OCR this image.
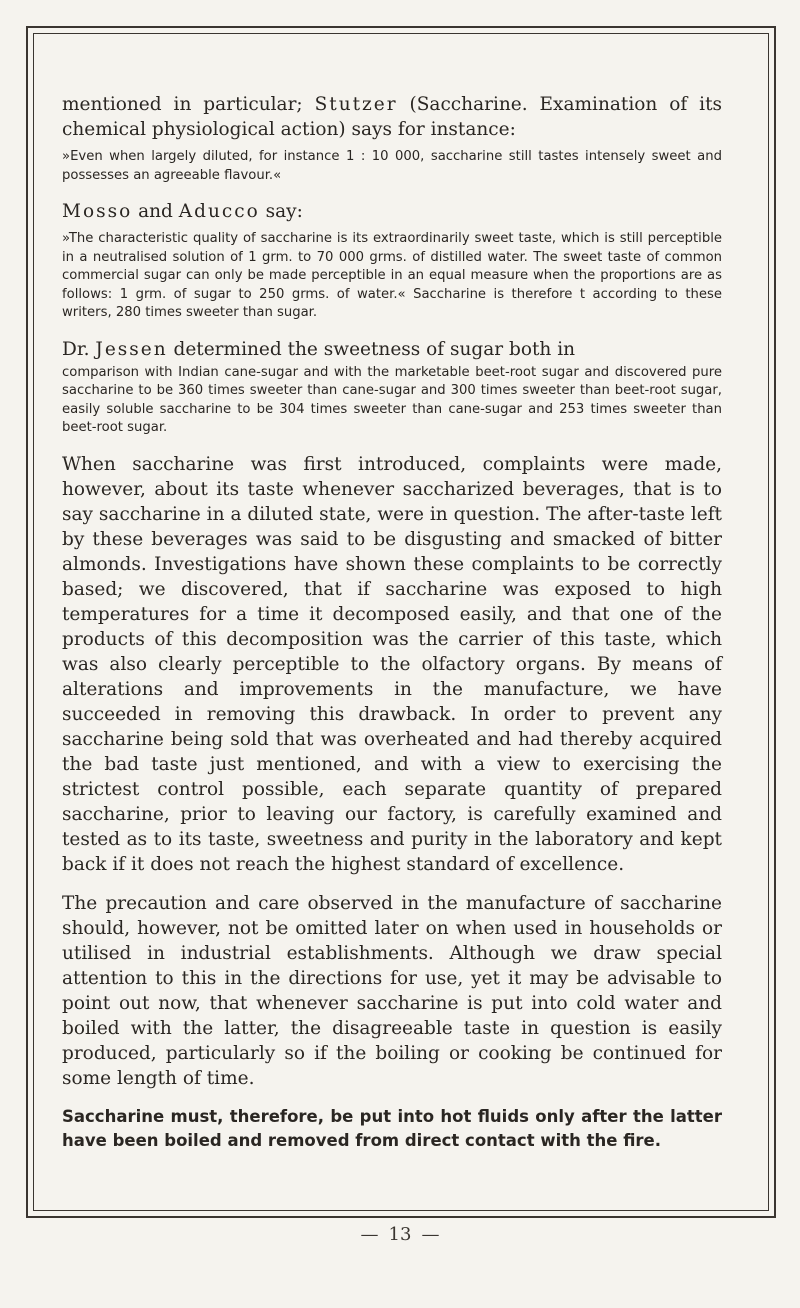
mentioned in particular; Stutzer (Saccharine. Examination of its chemical physiological action) says for instance:

»Even when largely diluted, for instance 1 : 10 000, saccharine still tastes intensely sweet and possesses an agreeable flavour.«

Mosso and Aducco say:

»The characteristic quality of saccharine is its extraordinarily sweet taste, which is still perceptible in a neutralised solution of 1 grm. to 70 000 grms. of distilled water. The sweet taste of common commercial sugar can only be made perceptible in an equal measure when the proportions are as follows: 1 grm. of sugar to 250 grms. of water.« Saccharine is therefore t according to these writers, 280 times sweeter than sugar.

Dr. Jessen determined the sweetness of sugar both in

comparison with Indian cane-sugar and with the marketable beet-root sugar and discovered pure saccharine to be 360 times sweeter than cane-sugar and 300 times sweeter than beet-root sugar, easily soluble saccharine to be 304 times sweeter than cane-sugar and 253 times sweeter than beet-root sugar.

When saccharine was first introduced, complaints were made, however, about its taste whenever saccharized beverages, that is to say saccharine in a diluted state, were in question. The after-taste left by these beverages was said to be disgusting and smacked of bitter almonds. Investigations have shown these complaints to be correctly based; we discovered, that if saccharine was exposed to high temperatures for a time it decomposed easily, and that one of the products of this decomposition was the carrier of this taste, which was also clearly perceptible to the olfactory organs. By means of alterations and improvements in the manufacture, we have succeeded in removing this drawback. In order to prevent any saccharine being sold that was overheated and had thereby acquired the bad taste just mentioned, and with a view to exercising the strictest control possible, each separate quantity of prepared saccharine, prior to leaving our factory, is carefully examined and tested as to its taste, sweetness and purity in the laboratory and kept back if it does not reach the highest standard of excellence.

The precaution and care observed in the manufacture of saccharine should, however, not be omitted later on when used in households or utilised in industrial establishments. Although we draw special attention to this in the directions for use, yet it may be advisable to point out now, that whenever saccharine is put into cold water and boiled with the latter, the disagreeable taste in question is easily produced, particularly so if the boiling or cooking be continued for some length of time.

Saccharine must, therefore, be put into hot fluids only after the latter have been boiled and removed from direct contact with the fire.

— 13 —
